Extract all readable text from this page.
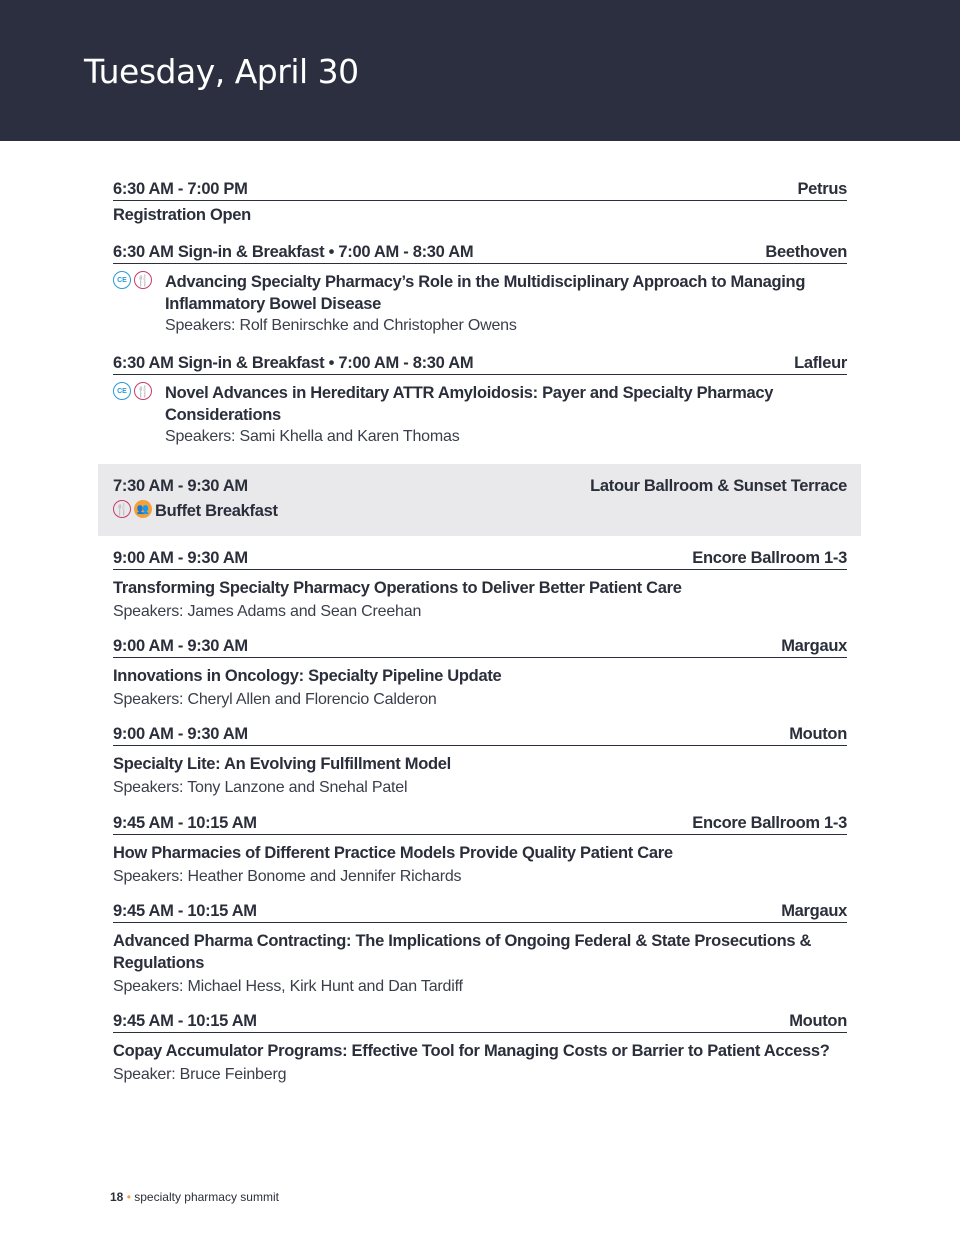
Tuesday, April 30
6:30 AM - 7:00 PM	Petrus
Registration Open
6:30 AM Sign-in & Breakfast • 7:00 AM - 8:30 AM	Beethoven
CE 🍴 Advancing Specialty Pharmacy’s Role in the Multidisciplinary Approach to Managing
Inflammatory Bowel Disease
Speakers: Rolf Benirschke and Christopher Owens
6:30 AM Sign-in & Breakfast • 7:00 AM - 8:30 AM	Lafleur
CE 🍴 Novel Advances in Hereditary ATTR Amyloidosis: Payer and Specialty Pharmacy
Considerations
Speakers: Sami Khella and Karen Thomas
7:30 AM - 9:30 AM	Latour Ballroom & Sunset Terrace
🍴 👥 Buffet Breakfast
9:00 AM - 9:30 AM	Encore Ballroom 1-3
Transforming Specialty Pharmacy Operations to Deliver Better Patient Care
Speakers: James Adams and Sean Creehan
9:00 AM - 9:30 AM	Margaux
Innovations in Oncology: Specialty Pipeline Update
Speakers: Cheryl Allen and Florencio Calderon
9:00 AM - 9:30 AM	Mouton
Specialty Lite: An Evolving Fulfillment Model
Speakers: Tony Lanzone and Snehal Patel
9:45 AM - 10:15 AM	Encore Ballroom 1-3
How Pharmacies of Different Practice Models Provide Quality Patient Care
Speakers: Heather Bonome and Jennifer Richards
9:45 AM - 10:15 AM	Margaux
Advanced Pharma Contracting: The Implications of Ongoing Federal & State Prosecutions &
Regulations
Speakers: Michael Hess, Kirk Hunt and Dan Tardiff
9:45 AM - 10:15 AM	Mouton
Copay Accumulator Programs: Effective Tool for Managing Costs or Barrier to Patient Access?
Speaker: Bruce Feinberg
18 • specialty pharmacy summit
